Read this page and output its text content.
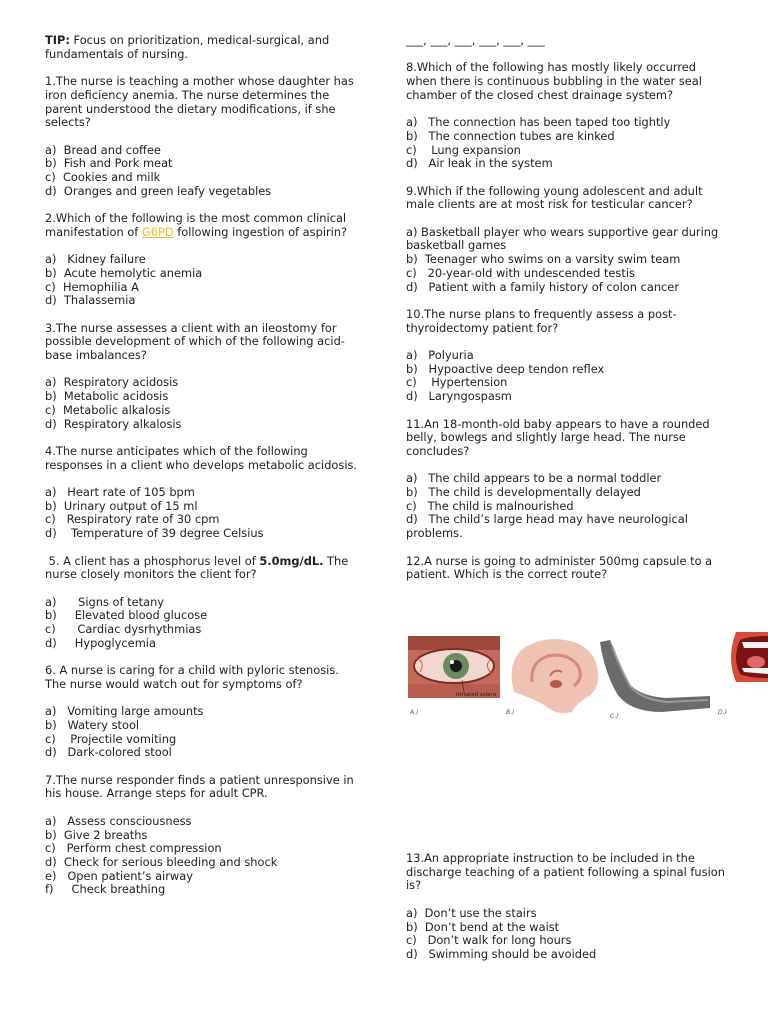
TIP: Focus on prioritization, medical-surgical, and fundamentals of nursing.

1.The nurse is teaching a mother whose daughter has iron deficiency anemia. The nurse determines the parent understood the dietary modifications, if she selects?

a)  Bread and coffee
b)  Fish and Pork meat
c)  Cookies and milk
d)  Oranges and green leafy vegetables

2.Which of the following is the most common clinical manifestation of G6PD following ingestion of aspirin?

a)   Kidney failure
b)  Acute hemolytic anemia
c)  Hemophilia A
d)  Thalassemia

3.The nurse assesses a client with an ileostomy for possible development of which of the following acid-base imbalances?

a)  Respiratory acidosis
b)  Metabolic acidosis
c)  Metabolic alkalosis
d)  Respiratory alkalosis

4.The nurse anticipates which of the following responses in a client who develops metabolic acidosis.

a)   Heart rate of 105 bpm
b)  Urinary output of 15 ml
c)   Respiratory rate of 30 cpm
d)    Temperature of 39 degree Celsius

5. A client has a phosphorus level of 5.0mg/dL. The nurse closely monitors the client for?

a)      Signs of tetany
b)     Elevated blood glucose
c)      Cardiac dysrhythmias
d)     Hypoglycemia

6. A nurse is caring for a child with pyloric stenosis. The nurse would watch out for symptoms of?

a)   Vomiting large amounts
b)   Watery stool
c)    Projectile vomiting
d)   Dark-colored stool

7.The nurse responder finds a patient unresponsive in his house. Arrange steps for adult CPR.

a)   Assess consciousness
b)  Give 2 breaths
c)   Perform chest compression
d)  Check for serious bleeding and shock
e)   Open patient’s airway
f)     Check breathing
___, ___, ___, ___, ___, ___

8.Which of the following has mostly likely occurred when there is continuous bubbling in the water seal chamber of the closed chest drainage system?

a)   The connection has been taped too tightly
b)   The connection tubes are kinked
c)    Lung expansion
d)   Air leak in the system

9.Which if the following young adolescent and adult male clients are at most risk for testicular cancer?

a) Basketball player who wears supportive gear during basketball games
b)  Teenager who swims on a varsity swim team
c)   20-year-old with undescended testis
d)   Patient with a family history of colon cancer

10.The nurse plans to frequently assess a post-thyroidectomy patient for?

a)   Polyuria
b)   Hypoactive deep tendon reflex
c)    Hypertension
d)   Laryngospasm

11.An 18-month-old baby appears to have a rounded belly, bowlegs and slightly large head. The nurse concludes?

a)   The child appears to be a normal toddler
b)   The child is developmentally delayed
c)   The child is malnourished
d)   The child’s large head may have neurological problems.

12.A nurse is going to administer 500mg capsule to a patient. Which is the correct route?

Irritated sclera
A.)	B.)
C.)
D.)

13.An appropriate instruction to be included in the discharge teaching of a patient following a spinal fusion is?

a)  Don’t use the stairs
b)  Don’t bend at the waist
c)   Don’t walk for long hours
d)   Swimming should be avoided
